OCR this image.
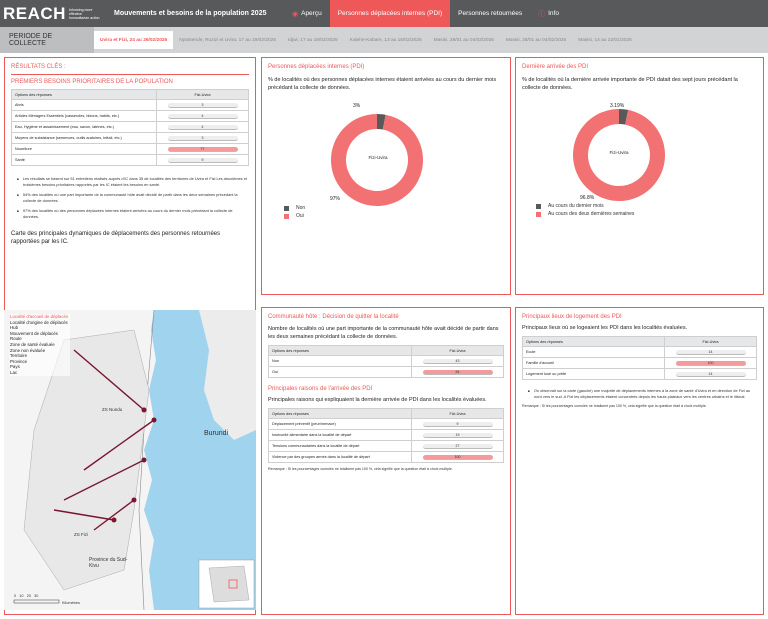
REACH Informing more effective humanitarian action
Mouvements et besoins de la population 2025	◉ Aperçu Personnes déplacées internes (PDI) Personnes retournées ⓘ Info
PERIODE DE COLLECTE	Uvira et Fizi, 24 au 26/02/2025	Nyantende, Ruzizi et Uvira, 17 au 19/02/2025	Idjwi, 17 au 18/02/2025	Kalehe-Kabare, 13 au 15/02/2025	Masisi, 28/01 au 04/02/2025	Masisi, 28/01 au 04/02/2025	Masisi, 14 au 22/01/2025
RÉSULTATS CLÉS :
PREMIERS BESOINS PRIORITAIRES DE LA POPULATION
Options des réponses	Fizi-Uvira
Abris	3

Articles Ménagers Essentiels (casseroles, bidons, habits, etc.)	4

Eau, Hygiène et assainissement (eau, savon, latrines, etc.)	4

Moyens de subsistance (semences, outils aratoires, bétail, etc.)	3

Nourriture	77

Santé	9
■ Les résultats se basent sur 51 entretiens réalisés auprès d'IC dans 35 de localités des territoires de Uvira et Fizi.Les deuxièmes et troisièmes besoins prioritaires rapportés par les IC étaient les besoins en santé.
■ 54% des localités où une part importante de la communauté hôte avait décidé de partir dans les deux semaines précédant la collecte de données.
■ 97% des localités où des personnes déplacées internes étaient arrivées au cours du dernier mois précédant la collecte de données.
Carte des principales dynamiques de déplacements des personnes retournées rapportées par les IC.
Localité d'accueil de déplacés
Localité d'origine de déplacés
Hub
Mouvement de déplacés
Route
Zone de santé évaluée
Zone non évaluée
Territoire
Province
Pays
Lac
Burundi
ZS Nundu
ZS Fizi
Province du Sud-Kivu
0 10 20 30
Kilomètres
Personnes déplacées internes (PDI)
% de localités où des personnes déplacées internes étaient arrivées au cours du dernier mois précédant la collecte de données.
Fizi-Uvira
3%
97%
Non
Oui
Dernière arrivée des PDI
% de localités où la dernière arrivée importante de PDI datait des sept jours précédant la collecte de données.
Fizi-Uvira
3.19%
96.8%
Au cours du dernier mois
Au cours des deux dernières semaines
Communauté hôte : Décision de quitter la localité
Nombre de localités où une part importante de la communauté hôte avait décidé de partir dans les deux semaines précédant la collecte de données.
Options des réponses	Fizi-Uvira
Non	43

Oui	54
Principales raisons de l'arrivée des PDI
Principales raisons qui expliquaient la dernière arrivée de PDI dans les localités évaluées.
Options des réponses	Fizi-Uvira
Déplacement préventif (peur/menace)	9

Insécurité alimentaire dans la localité de départ	19

Tensions communautaires dans la localité de départ	27

Violence par des groupes armés dans la localité de départ	100
Remarque : Si les pourcentages cumulés ne totalisent pas 100 %, cela signifie que la question était à choix multiple.
Principaux lieux de logement des PDI
Principaux lieux où se logeaient les PDI dans les localités évaluées.
Options des réponses	Fizi-Uvira
Ecole	14

Famille d'accueil	100

Logement loué ou prêté	14
■ On observait sur la carte (gauche) une majorité de déplacements internes à la zone de santé d'Uvira et en direction de Fizi au nord vers le sud. A Fizi les déplacements étaient concentrés depuis les hauts plateaux vers les centres urbains et le littoral.
Remarque : Si les pourcentages cumulés ne totalisent pas 100 %, cela signifie que la question était à choix multiple.
